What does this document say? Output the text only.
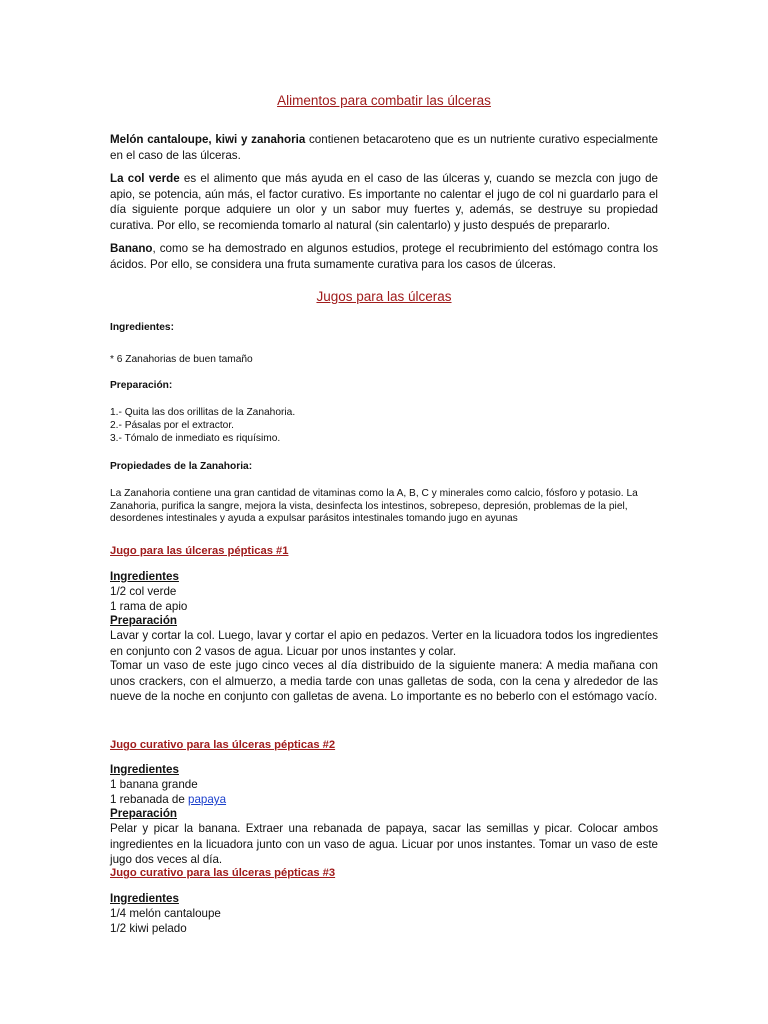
Alimentos para combatir las úlceras
Melón cantaloupe, kiwi y zanahoria contienen betacaroteno que es un nutriente curativo especialmente en el caso de las úlceras.
La col verde es el alimento que más ayuda en el caso de las úlceras y, cuando se mezcla con jugo de apio, se potencia, aún más, el factor curativo. Es importante no calentar el jugo de col ni guardarlo para el día siguiente porque adquiere un olor y un sabor muy fuertes y, además, se destruye su propiedad curativa. Por ello, se recomienda tomarlo al natural (sin calentarlo) y justo después de prepararlo.
Banano, como se ha demostrado en algunos estudios, protege el recubrimiento del estómago contra los ácidos. Por ello, se considera una fruta sumamente curativa para los casos de úlceras.
Jugos para las úlceras
Ingredientes:
* 6 Zanahorias de buen tamaño
Preparación:
1.- Quita las dos orillitas de la Zanahoria.
2.- Pásalas por el extractor.
3.- Tómalo de inmediato es riquísimo.
Propiedades de la Zanahoria:
La Zanahoria contiene una gran cantidad de vitaminas como la A, B, C y minerales como calcio, fósforo y potasio. La Zanahoria, purifica la sangre, mejora la vista, desinfecta los intestinos, sobrepeso, depresión, problemas de la piel, desordenes intestinales y ayuda a expulsar parásitos intestinales tomando jugo en ayunas
Jugo para las úlceras pépticas #1
Ingredientes
1/2 col verde
1 rama de apio
Preparación
Lavar y cortar la col. Luego, lavar y cortar el apio en pedazos. Verter en la licuadora todos los ingredientes en conjunto con 2 vasos de agua. Licuar por unos instantes y colar.
Tomar un vaso de este jugo cinco veces al día distribuido de la siguiente manera: A media mañana con unos crackers, con el almuerzo, a media tarde con unas galletas de soda, con la cena y alrededor de las nueve de la noche en conjunto con galletas de avena. Lo importante es no beberlo con el estómago vacío.
Jugo curativo para las úlceras pépticas #2
Ingredientes
1 banana grande
1 rebanada de papaya
Preparación
Pelar y picar la banana. Extraer una rebanada de papaya, sacar las semillas y picar. Colocar ambos ingredientes en la licuadora junto con un vaso de agua. Licuar por unos instantes. Tomar un vaso de este jugo dos veces al día.
Jugo curativo para las úlceras pépticas #3
Ingredientes
1/4 melón cantaloupe
1/2 kiwi pelado
